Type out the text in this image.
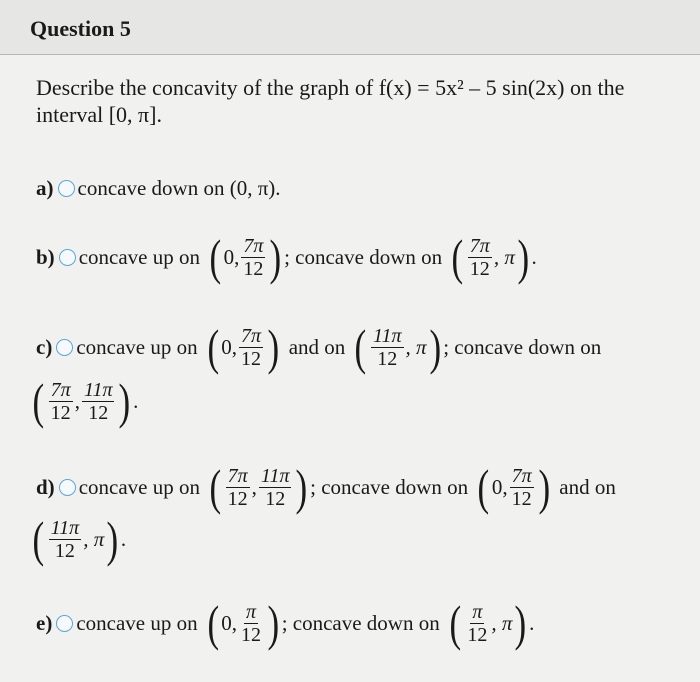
Question 5
Describe the concavity of the graph of f(x) = 5x² – 5 sin(2x) on the interval [0, π].
a) concave down on (0, π).
b) concave up on ( 0, $\frac{7\pi}{12}$ ) ; concave down on ( $\frac{7\pi}{12}$ , π ) .
c) concave up on ( 0, $\frac{7\pi}{12}$ ) and on ( $\frac{11\pi}{12}$ , π ) ; concave down on
( $\frac{7\pi}{12}$ , $\frac{11\pi}{12}$ ) .
d) concave up on ( $\frac{7\pi}{12}$ , $\frac{11\pi}{12}$ ) ; concave down on ( 0, $\frac{7\pi}{12}$ ) and on
( $\frac{11\pi}{12}$ , π ) .
e) concave up on ( 0, $\frac{\pi}{12}$ ) ; concave down on ( $\frac{\pi}{12}$ , π ) .
